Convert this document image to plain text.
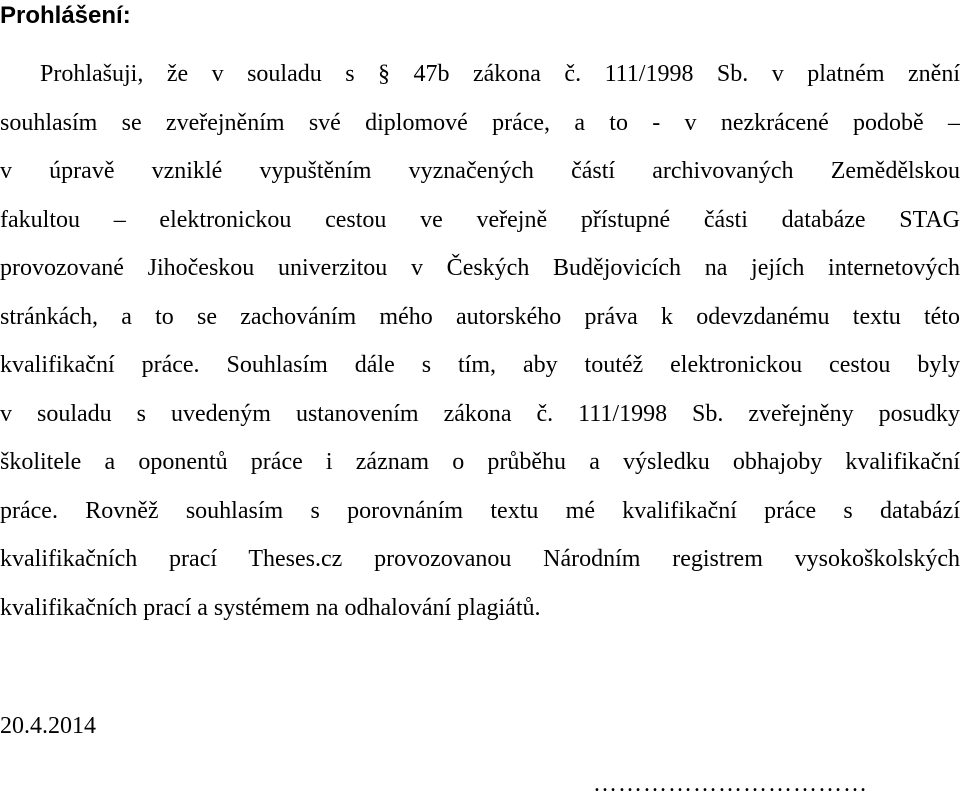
Prohlášení:
Prohlašuji, že v souladu s § 47b zákona č. 111/1998 Sb. v platném znění
souhlasím se zveřejněním své diplomové práce, a to - v nezkrácené podobě –
v úpravě vzniklé vypuštěním vyznačených částí archivovaných Zemědělskou
fakultou – elektronickou cestou ve veřejně přístupné části databáze STAG
provozované Jihočeskou univerzitou v Českých Budějovicích na jejích internetových
stránkách, a to se zachováním mého autorského práva k odevzdanému textu této
kvalifikační práce. Souhlasím dále s tím, aby toutéž elektronickou cestou byly
v souladu s uvedeným ustanovením zákona č. 111/1998 Sb. zveřejněny posudky
školitele a oponentů práce i záznam o průběhu a výsledku obhajoby kvalifikační
práce. Rovněž souhlasím s porovnáním textu mé kvalifikační práce s databází
kvalifikačních prací Theses.cz provozovanou Národním registrem vysokoškolských
kvalifikačních prací a systémem na odhalování plagiátů.
20.4.2014
……………………………
